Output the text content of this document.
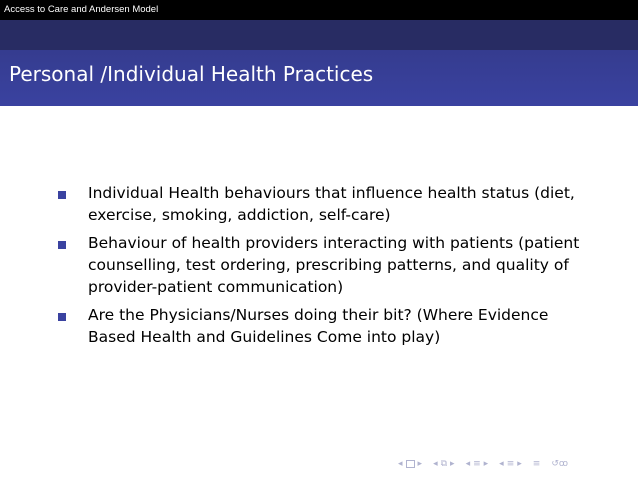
Access to Care and Andersen Model
Personal /Individual Health Practices
Individual Health behaviours that influence health status (diet, exercise, smoking, addiction, self-care)
Behaviour of health providers interacting with patients (patient counselling, test ordering, prescribing patterns, and quality of provider-patient communication)
Are the Physicians/Nurses doing their bit? (Where Evidence Based Health and Guidelines Come into play)
◂ ▸ ◂ ⧉ ▸ ◂ ≡ ▸ ◂ ≡ ▸ ≡ ↺ꝏ
